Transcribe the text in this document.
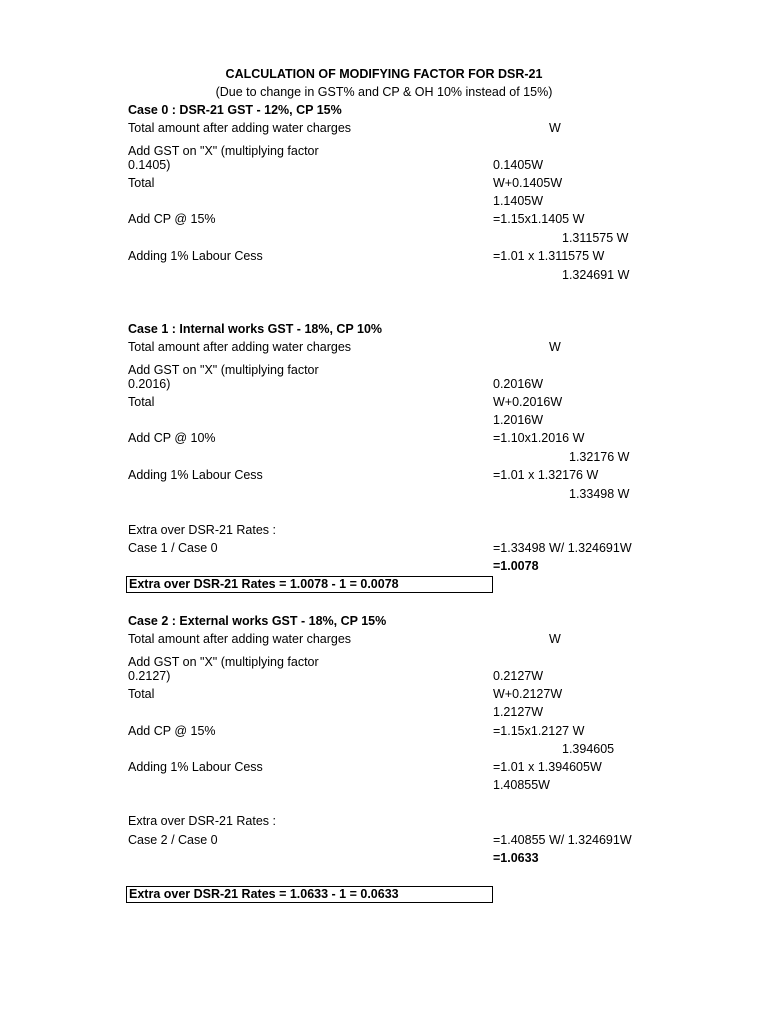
CALCULATION OF MODIFYING FACTOR FOR DSR-21
(Due to change in GST% and CP & OH 10% instead of 15%)
Case 0 : DSR-21 GST - 12%, CP 15%
Total amount after adding water charges	W
Add GST on "X" (multiplying factor
0.1405)	0.1405W
Total	W+0.1405W
1.1405W
Add CP @ 15%	=1.15x1.1405 W
1.311575 W
Adding 1% Labour Cess	=1.01 x 1.311575 W
1.324691 W
Case 1 : Internal works GST - 18%, CP 10%
Total amount after adding water charges	W
Add GST on "X" (multiplying factor
0.2016)	0.2016W
Total	W+0.2016W
1.2016W
Add CP @ 10%	=1.10x1.2016 W
1.32176 W
Adding 1% Labour Cess	=1.01 x 1.32176 W
1.33498 W
Extra over DSR-21 Rates :
Case 1 / Case 0	=1.33498 W/ 1.324691W
=1.0078
Extra over DSR-21 Rates = 1.0078 - 1 = 0.0078
Case 2 : External works GST - 18%, CP 15%
Total amount after adding water charges	W
Add GST on "X" (multiplying factor
0.2127)	0.2127W
Total	W+0.2127W
1.2127W
Add CP @ 15%	=1.15x1.2127 W
1.394605
Adding 1% Labour Cess	=1.01 x 1.394605W
1.40855W
Extra over DSR-21 Rates :
Case 2 / Case 0	=1.40855 W/ 1.324691W
=1.0633
Extra over DSR-21 Rates = 1.0633 - 1 = 0.0633
